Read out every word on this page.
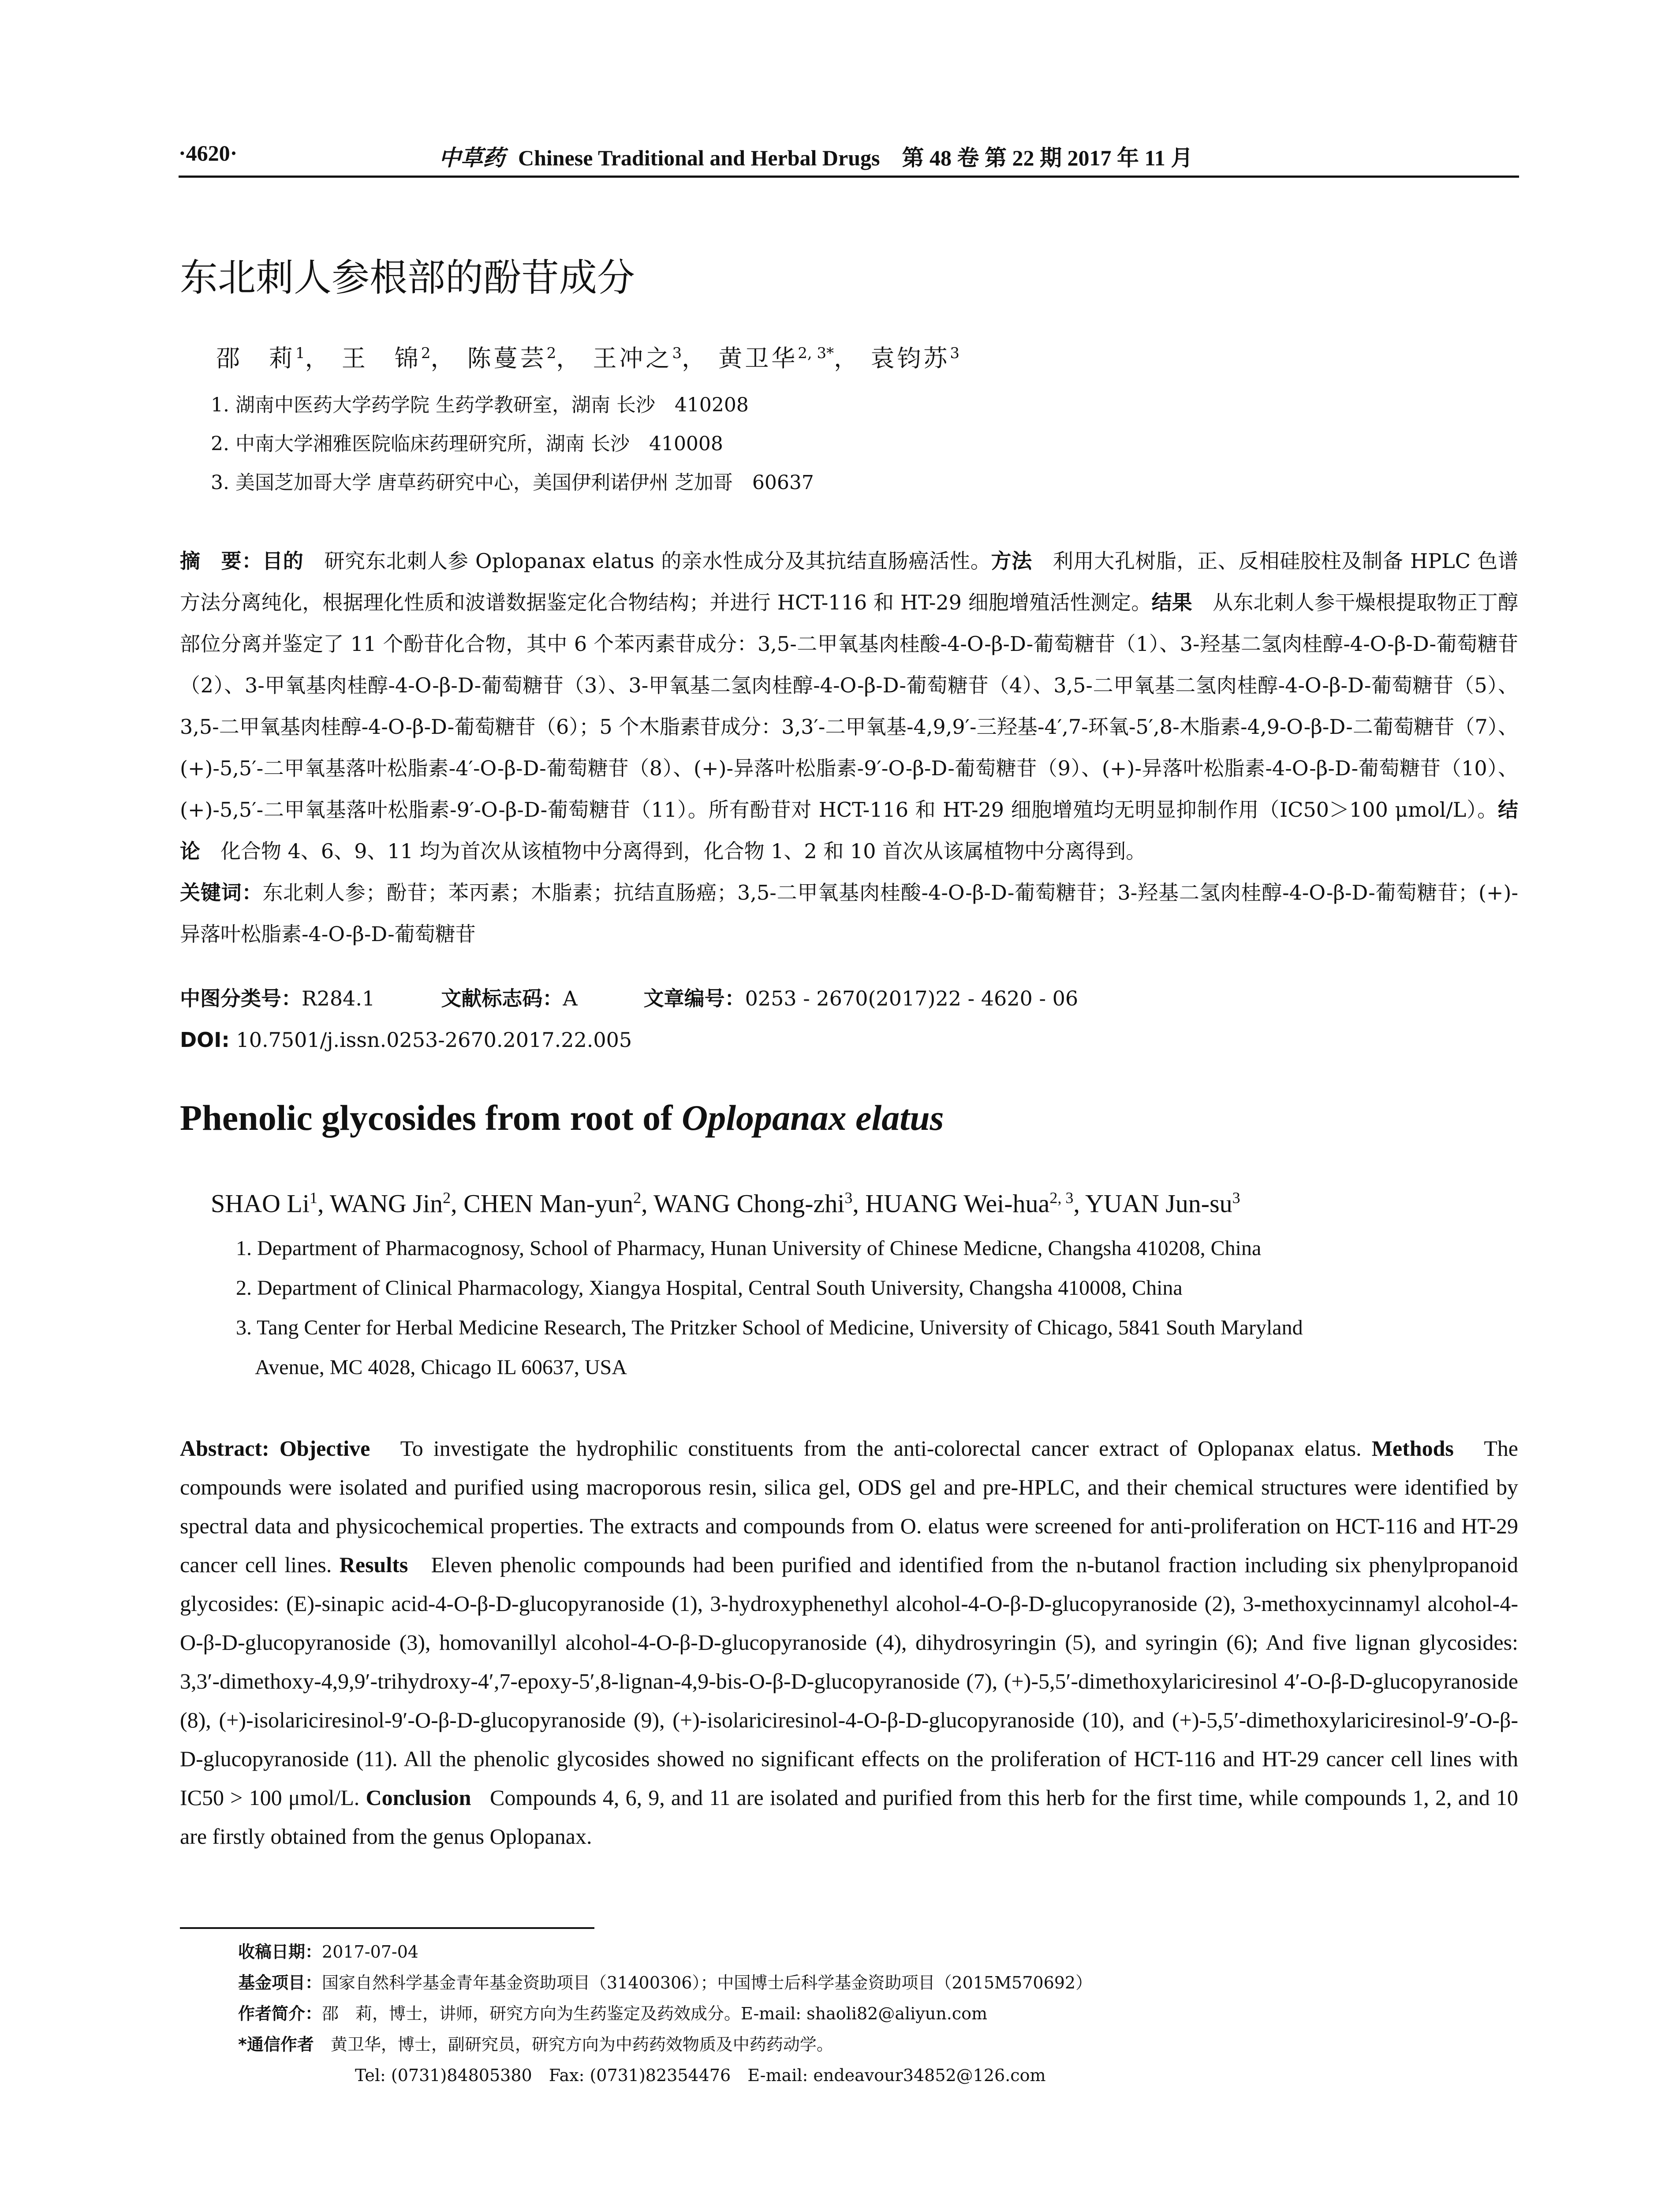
·4620·	中草药 Chinese Traditional and Herbal Drugs　第 48 卷 第 22 期 2017 年 11 月
东北刺人参根部的酚苷成分
邵　莉$^1$， 王　锦$^2$， 陈蔓芸$^2$， 王冲之$^3$， 黄卫华$^{2, 3*}$， 袁钧苏$^3$
1. 湖南中医药大学药学院 生药学教研室，湖南 长沙　410208
2. 中南大学湘雅医院临床药理研究所，湖南 长沙　410008
3. 美国芝加哥大学 唐草药研究中心，美国伊利诺伊州 芝加哥　60637
摘　要：目的　 研究东北刺人参 Oplopanax elatus 的亲水性成分及其抗结直肠癌活性。方法　 利用大孔树脂，正、反相硅胶柱及制备 HPLC 色谱方法分离纯化，根据理化性质和波谱数据鉴定化合物结构；并进行 HCT-116 和 HT-29 细胞增殖活性测定。结果　 从东北刺人参干燥根提取物正丁醇部位分离并鉴定了 11 个酚苷化合物，其中 6 个苯丙素苷成分：3,5-二甲氧基肉桂酸-4-O-β-D-葡萄糖苷（1）、3-羟基二氢肉桂醇-4-O-β-D-葡萄糖苷（2）、3-甲氧基肉桂醇-4-O-β-D-葡萄糖苷（3）、3-甲氧基二氢肉桂醇-4-O-β-D-葡萄糖苷（4）、3,5-二甲氧基二氢肉桂醇-4-O-β-D-葡萄糖苷（5）、3,5-二甲氧基肉桂醇-4-O-β-D-葡萄糖苷（6）；5 个木脂素苷成分：3,3′-二甲氧基-4,9,9′-三羟基-4′,7-环氧-5′,8-木脂素-4,9-O-β-D-二葡萄糖苷（7）、(+)-5,5′-二甲氧基落叶松脂素-4′-O-β-D-葡萄糖苷（8）、(+)-异落叶松脂素-9′-O-β-D-葡萄糖苷（9）、(+)-异落叶松脂素-4-O-β-D-葡萄糖苷（10）、(+)-5,5′-二甲氧基落叶松脂素-9′-O-β-D-葡萄糖苷（11）。所有酚苷对 HCT-116 和 HT-29 细胞增殖均无明显抑制作用（IC50＞100 μmol/L）。结论　 化合物 4、6、9、11 均为首次从该植物中分离得到，化合物 1、2 和 10 首次从该属植物中分离得到。
关键词：东北刺人参；酚苷；苯丙素；木脂素；抗结直肠癌；3,5-二甲氧基肉桂酸-4-O-β-D-葡萄糖苷；3-羟基二氢肉桂醇-4-O-β-D-葡萄糖苷；(+)-异落叶松脂素-4-O-β-D-葡萄糖苷
中图分类号：R284.1	文献标志码：A	文章编号：0253 - 2670(2017)22 - 4620 - 06
DOI: 10.7501/j.issn.0253-2670.2017.22.005
Phenolic glycosides from root of Oplopanax elatus
SHAO Li$^1$, WANG Jin$^2$, CHEN Man-yun$^2$, WANG Chong-zhi$^3$, HUANG Wei-hua$^{2, 3}$, YUAN Jun-$su^3$
1. Department of Pharmacognosy, School of Pharmacy, Hunan University of Chinese Medicne, Changsha 410208, China
2. Department of Clinical Pharmacology, Xiangya Hospital, Central South University, Changsha 410008, China
3. Tang Center for Herbal Medicine Research, The Pritzker School of Medicine, University of Chicago, 5841 South Maryland
Avenue, MC 4028, Chicago IL 60637, USA
Abstract: Objective To investigate the hydrophilic constituents from the anti-colorectal cancer extract of Oplopanax elatus. Methods The compounds were isolated and purified using macroporous resin, silica gel, ODS gel and pre-HPLC, and their chemical structures were identified by spectral data and physicochemical properties. The extracts and compounds from O. elatus were screened for anti-proliferation on HCT-116 and HT-29 cancer cell lines. Results Eleven phenolic compounds had been purified and identified from the n-butanol fraction including six phenylpropanoid glycosides: (E)-sinapic acid-4-O-β-D-glucopyranoside (1), 3-hydroxyphenethyl alcohol-4-O-β-D-glucopyranoside (2), 3-methoxycinnamyl alcohol-4-O-β-D-glucopyranoside (3), homovanillyl alcohol-4-O-β-D-glucopyranoside (4), dihydrosyringin (5), and syringin (6); And five lignan glycosides: 3,3′-dimethoxy-4,9,9′-trihydroxy-4′,7-epoxy-5′,8-lignan-4,9-bis-O-β-D-glucopyranoside (7), (+)-5,5′-dimethoxylariciresinol 4′-O-β-D-glucopyranoside (8), (+)-isolariciresinol-9′-O-β-D-glucopyranoside (9), (+)-isolariciresinol-4-O-β-D-glucopyranoside (10), and (+)-5,5′-dimethoxylariciresinol-9′-O-β-D-glucopyranoside (11). All the phenolic glycosides showed no significant effects on the proliferation of HCT-116 and HT-29 cancer cell lines with IC50 > 100 μmol/L. Conclusion Compounds 4, 6, 9, and 11 are isolated and purified from this herb for the first time, while compounds 1, 2, and 10 are firstly obtained from the genus Oplopanax.
收稿日期：2017-07-04
基金项目：国家自然科学基金青年基金资助项目（31400306）；中国博士后科学基金资助项目（2015M570692）
作者简介：邵　莉，博士，讲师，研究方向为生药鉴定及药效成分。E-mail: shaoli82@aliyun.com
*通信作者　 黄卫华，博士，副研究员，研究方向为中药药效物质及中药药动学。
Tel: (0731)84805380　Fax: (0731)82354476　E-mail: endeavour34852@126.com
